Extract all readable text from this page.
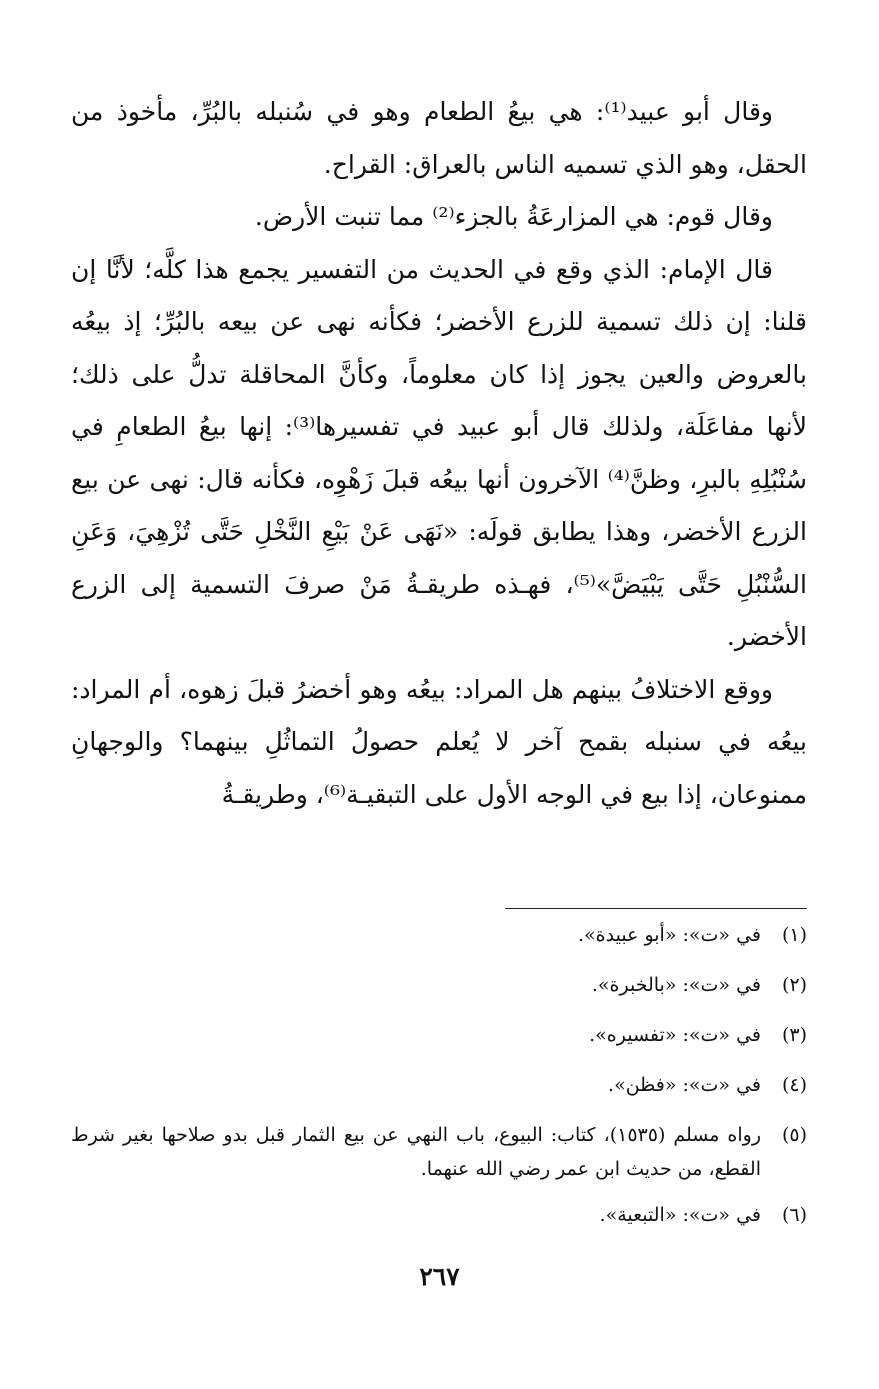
وقال أبو عبيد⁽¹⁾: هي بيعُ الطعام وهو في سُنبله بالبُرِّ، مأخوذ من الحقل، وهو الذي تسميه الناس بالعراق: القراح.

وقال قوم: هي المزارعَةُ بالجزء⁽²⁾ مما تنبت الأرض.

قال الإمام: الذي وقع في الحديث من التفسير يجمع هذا كلَّه؛ لأنَّا إن قلنا: إن ذلك تسمية للزرع الأخضر؛ فكأنه نهى عن بيعه بالبُرِّ؛ إذ بيعُه بالعروض والعين يجوز إذا كان معلوماً، وكأنَّ المحاقلة تدلُّ على ذلك؛ لأنها مفاعَلَة، ولذلك قال أبو عبيد في تفسيرها⁽³⁾: إنها بيعُ الطعامِ في سُنْبُلِهِ بالبرِ، وظنَّ⁽⁴⁾ الآخرون أنها بيعُه قبلَ زَهْوِه، فكأنه قال: نهى عن بيع الزرع الأخضر، وهذا يطابق قولَه: «نَهَى عَنْ بَيْعِ النَّخْلِ حَتَّى تُزْهِيَ، وَعَنِ السُّنْبُلِ حَتَّى يَبْيَضَّ»⁽⁵⁾، فهـذه طريقـةُ مَنْ صرفَ التسمية إلى الزرع الأخضر.

ووقع الاختلافُ بينهم هل المراد: بيعُه وهو أخضرُ قبلَ زهوه، أم المراد: بيعُه في سنبله بقمح آخر لا يُعلم حصولُ التماثُلِ بينهما؟ والوجهانِ ممنوعان، إذا بيع في الوجه الأول على التبقيـة⁽⁶⁾، وطريقـةُ

(١)
في «ت»: «أبو عبيدة».
(٢)
في «ت»: «بالخبرة».
(٣)
في «ت»: «تفسيره».
(٤)
في «ت»: «فظن».
(٥)
رواه مسلم (١٥٣٥)، كتاب: البيوع، باب النهي عن بيع الثمار قبل بدو صلاحها بغير شرط القطع، من حديث ابن عمر رضي الله عنهما.
(٦)
في «ت»: «التبعية».
٢٦٧
